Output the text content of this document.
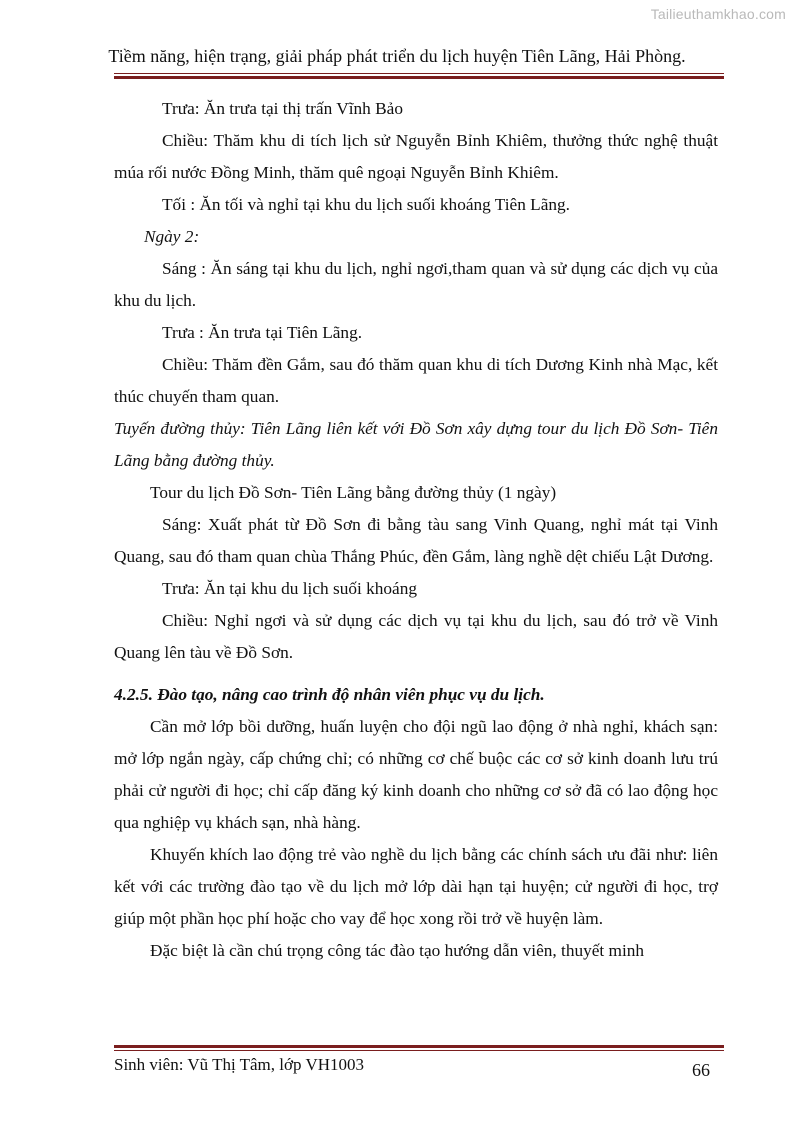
Tailieuthamkhao.com
Tiềm năng, hiện trạng, giải pháp phát triển du lịch huyện Tiên Lãng, Hải Phòng.

Trưa: Ăn trưa tại thị trấn Vĩnh Bảo

Chiều: Thăm khu di tích lịch sử Nguyễn Bỉnh Khiêm, thưởng thức nghệ thuật múa rối nước Đồng Minh, thăm quê ngoại Nguyễn Bỉnh Khiêm.

Tối : Ăn tối và nghỉ tại khu du lịch suối khoáng Tiên Lãng.

Ngày 2:

Sáng : Ăn sáng tại khu du lịch, nghỉ ngơi,tham quan và sử dụng các dịch vụ của khu du lịch.

Trưa : Ăn trưa tại Tiên Lãng.

Chiều: Thăm đền Gắm, sau đó thăm quan khu di tích Dương Kinh nhà Mạc, kết thúc chuyến tham quan.

Tuyến đường thủy: Tiên Lãng liên kết với Đồ Sơn xây dựng tour du lịch Đồ Sơn- Tiên Lãng bằng đường thủy.

Tour du lịch Đồ Sơn- Tiên Lãng bằng đường thủy (1 ngày)

Sáng: Xuất phát từ Đồ Sơn đi bằng tàu sang Vinh Quang, nghỉ mát tại Vinh Quang, sau đó tham quan chùa Thắng Phúc, đền Gắm, làng nghề dệt chiếu Lật Dương.

Trưa: Ăn tại khu du lịch suối khoáng

Chiều: Nghỉ ngơi và sử dụng các dịch vụ tại khu du lịch, sau đó trở về Vinh Quang lên tàu về Đồ Sơn.

4.2.5. Đào tạo, nâng cao trình độ nhân viên phục vụ du lịch.

Cần mở lớp bồi dưỡng, huấn luyện cho đội ngũ lao động ở nhà nghỉ, khách sạn: mở lớp ngắn ngày, cấp chứng chỉ; có những cơ chế buộc các cơ sở kinh doanh lưu trú phải cử người đi học; chỉ cấp đăng ký kinh doanh cho những cơ sở đã có lao động học qua nghiệp vụ khách sạn, nhà hàng.

Khuyến khích lao động trẻ vào nghề du lịch bằng các chính sách ưu đãi như: liên kết với các trường đào tạo về du lịch mở lớp dài hạn tại huyện; cử người đi học, trợ giúp một phần học phí hoặc cho vay để học xong rồi trở về huyện làm.

Đặc biệt là cần chú trọng công tác đào tạo hướng dẫn viên, thuyết minh

Sinh viên: Vũ Thị Tâm, lớp VH1003	66
